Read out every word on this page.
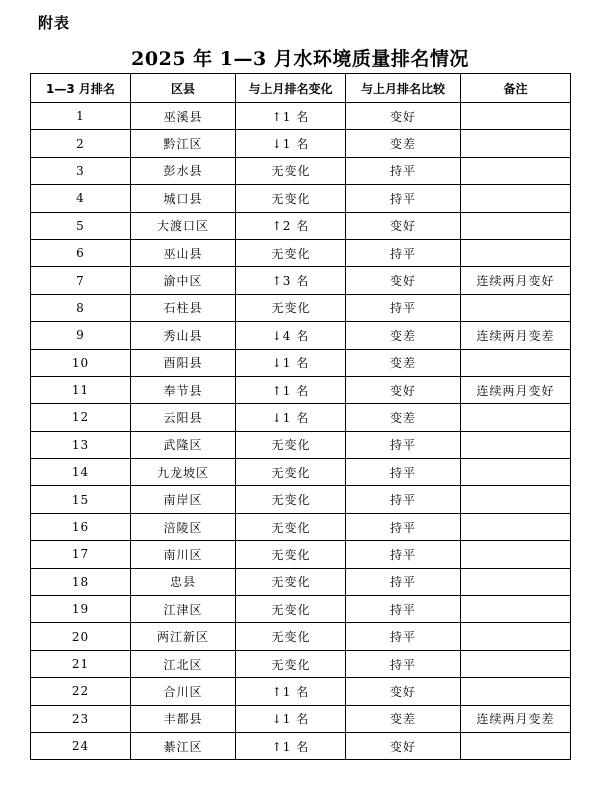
附表
2025 年 1—3 月水环境质量排名情况
1—3 月排名	区县	与上月排名变化	与上月排名比较	备注
1	巫溪县	↑1 名	变好	
2	黔江区	↓1 名	变差	
3	彭水县	无变化	持平	
4	城口县	无变化	持平	
5	大渡口区	↑2 名	变好	
6	巫山县	无变化	持平	
7	渝中区	↑3 名	变好	连续两月变好
8	石柱县	无变化	持平	
9	秀山县	↓4 名	变差	连续两月变差
10	酉阳县	↓1 名	变差	
11	奉节县	↑1 名	变好	连续两月变好
12	云阳县	↓1 名	变差	
13	武隆区	无变化	持平	
14	九龙坡区	无变化	持平	
15	南岸区	无变化	持平	
16	涪陵区	无变化	持平	
17	南川区	无变化	持平	
18	忠县	无变化	持平	
19	江津区	无变化	持平	
20	两江新区	无变化	持平	
21	江北区	无变化	持平	
22	合川区	↑1 名	变好	
23	丰都县	↓1 名	变差	连续两月变差
24	綦江区	↑1 名	变好	
